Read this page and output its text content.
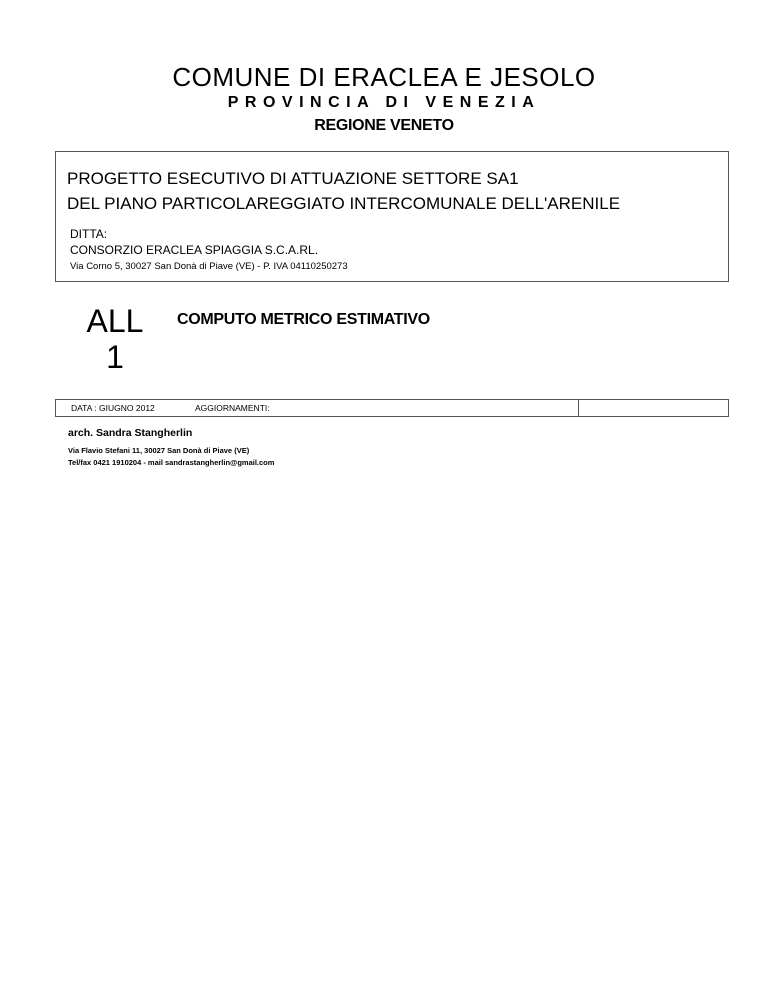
COMUNE DI ERACLEA E JESOLO
PROVINCIA DI VENEZIA
REGIONE VENETO
PROGETTO ESECUTIVO DI ATTUAZIONE SETTORE SA1
DEL PIANO PARTICOLAREGGIATO INTERCOMUNALE DELL'ARENILE
DITTA:
CONSORZIO ERACLEA SPIAGGIA S.C.A.RL.
Via Corno 5, 30027 San Donà di Piave (VE) - P. IVA 04110250273
ALL
1
COMPUTO METRICO ESTIMATIVO
DATA : GIUGNO 2012	AGGIORNAMENTI:
arch. Sandra Stangherlin
Via Flavio Stefani 11, 30027 San Donà di Piave (VE)
Tel/fax 0421 1910204 - mail sandrastangherlin@gmail.com
